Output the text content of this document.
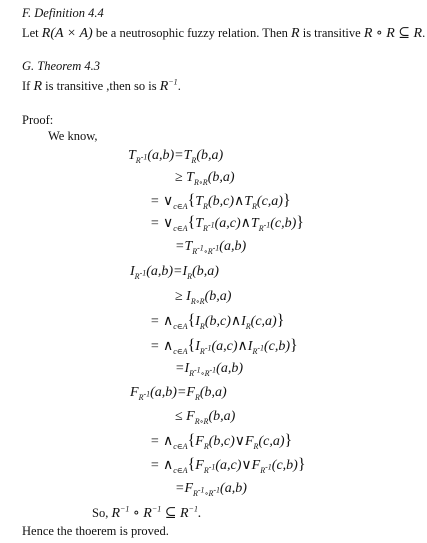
F. Definition 4.4
Let R(A × A) be a neutrosophic fuzzy relation. Then R is transitive R ∘ R ⊆ R.
G. Theorem 4.3
If R is transitive ,then so is $R^{-1}$.
Proof:
We know,
$T_{R^{-1}}(a,b)=T_R(b,a)$
≥ $T_{R\circ R}(b,a)$
= $\vee_{c\in A}\{T_R(b,c)\wedge T_R(c,a)\}$
= $\vee_{c\in A}\{T_{R^{-1}}(a,c)\wedge T_{R^{-1}}(c,b)\}$
$=T_{R^{-1}\circ R^{-1}}(a,b)$
$I_{R^{-1}}(a,b)=I_R(b,a)$
≥ $I_{R\circ R}(b,a)$
= $\wedge_{c\in A}\{I_R(b,c)\wedge I_R(c,a)\}$
= $\wedge_{c\in A}\{I_{R^{-1}}(a,c)\wedge I_{R^{-1}}(c,b)\}$
$=I_{R^{-1}\circ R^{-1}}(a,b)$
$F_{R^{-1}}(a,b)=F_R(b,a)$
≤ $F_{R\circ R}(b,a)$
= $\wedge_{c\in A}\{F_R(b,c)\vee F_R(c,a)\}$
= $\wedge_{c\in A}\{F_{R^{-1}}(a,c)\vee F_{R^{-1}}(c,b)\}$
$=F_{R^{-1}\circ R^{-1}}(a,b)$
So, $R^{-1}$ ∘ $R^{-1}$ ⊆ $R^{-1}$.
Hence the thoerem is proved.
